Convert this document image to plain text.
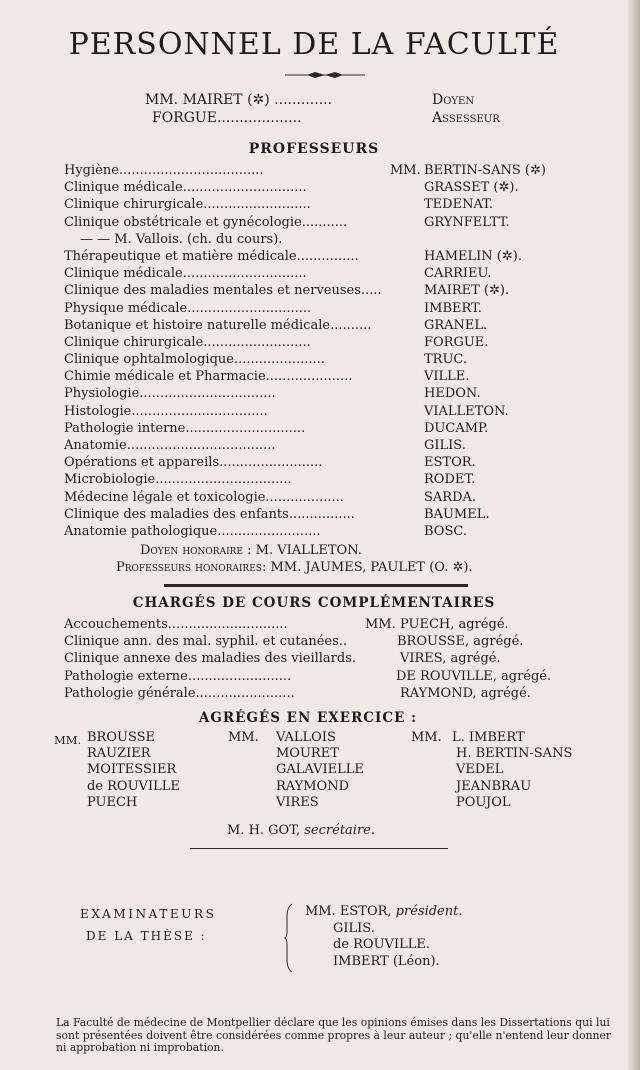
PERSONNEL DE LA FACULTÉ
MM. MAIRET (✲) .............	Doyen
FORGUE...................	Assesseur
PROFESSEURS
Hygiène...................................
Clinique médicale..............................
Clinique chirurgicale..........................
Clinique obstétricale et gynécologie...........
— — M. Vallois. (ch. du cours).
Thérapeutique et matière médicale...............
Clinique médicale..............................
Clinique des maladies mentales et nerveuses.....
Physique médicale..............................
Botanique et histoire naturelle médicale..........
Clinique chirurgicale..........................
Clinique ophtalmologique......................
Chimie médicale et Pharmacie.....................
Physiologie.................................
Histologie.................................
Pathologie interne.............................
Anatomie....................................
Opérations et appareils.........................
Microbiologie.................................
Médecine légale et toxicologie...................
Clinique des maladies des enfants................
Anatomie pathologique.........................
MM. BERTIN-SANS (✲)
GRASSET (✲).
TEDENAT.
GRYNFELTT.
HAMELIN (✲).
CARRIEU.
MAIRET (✲).
IMBERT.
GRANEL.
FORGUE.
TRUC.
VILLE.
HEDON.
VIALLETON.
DUCAMP.
GILIS.
ESTOR.
RODET.
SARDA.
BAUMEL.
BOSC.
Doyen honoraire : M. VIALLETON.
Professeurs honoraires: MM. JAUMES, PAULET (O. ✲).
CHARGÉS DE COURS COMPLÉMENTAIRES
Accouchements.............................
Clinique ann. des mal. syphil. et cutanées..
Clinique annexe des maladies des vieillards.
Pathologie externe.........................
Pathologie générale........................
MM. PUECH, agrégé.
BROUSSE, agrégé.
VIRES, agrégé.
DE ROUVILLE, agrégé.
RAYMOND, agrégé.
AGRÉGÉS EN EXERCICE :
MM. BROUSSE
RAUZIER
MOITESSIER
de ROUVILLE
PUECH
MM. VALLOIS
MOURET
GALAVIELLE
RAYMOND
VIRES
MM. L. IMBERT
H. BERTIN-SANS
VEDEL
JEANBRAU
POUJOL
M. H. GOT, secrétaire.
EXAMINATEURS
DE LA THÈSE :
MM. ESTOR, président.
GILIS.
de ROUVILLE.
IMBERT (Léon).
La Faculté de médecine de Montpellier déclare que les opinions émises dans les Dissertations qui lui sont présentées doivent être considérées comme propres à leur auteur ; qu'elle n'entend leur donner ni approbation ni improbation.
